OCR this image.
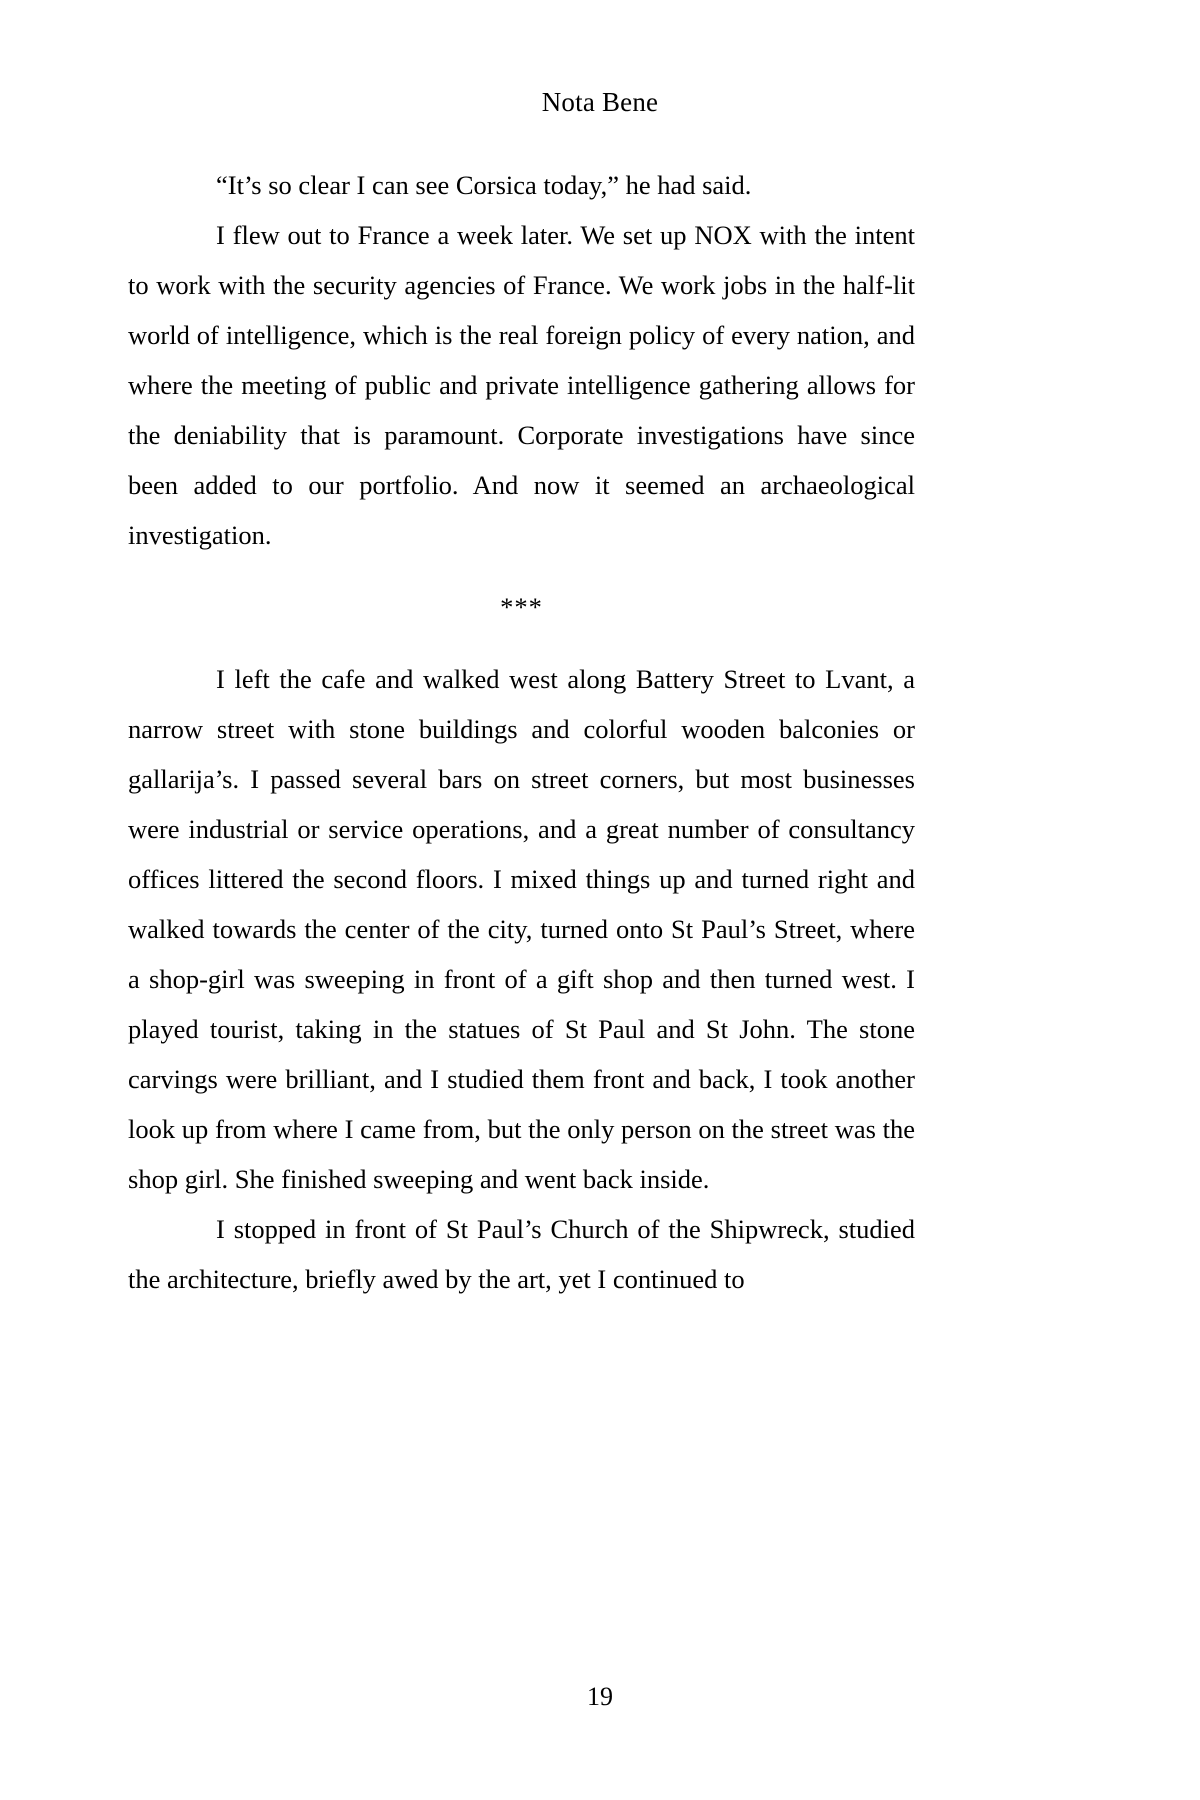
Nota Bene

“It’s so clear I can see Corsica today,” he had said.

I flew out to France a week later. We set up NOX with the intent to work with the security agencies of France. We work jobs in the half-lit world of intelligence, which is the real foreign policy of every nation, and where the meeting of public and private intelligence gathering allows for the deniability that is paramount. Corporate investigations have since been added to our portfolio. And now it seemed an archaeological investigation.

***

I left the cafe and walked west along Battery Street to Lvant, a narrow street with stone buildings and colorful wooden balconies or gallarija’s. I passed several bars on street corners, but most businesses were industrial or service operations, and a great number of consultancy offices littered the second floors. I mixed things up and turned right and walked towards the center of the city, turned onto St Paul’s Street, where a shop-girl was sweeping in front of a gift shop and then turned west. I played tourist, taking in the statues of St Paul and St John. The stone carvings were brilliant, and I studied them front and back, I took another look up from where I came from, but the only person on the street was the shop girl. She finished sweeping and went back inside.

I stopped in front of St Paul’s Church of the Shipwreck, studied the architecture, briefly awed by the art, yet I continued to

19
